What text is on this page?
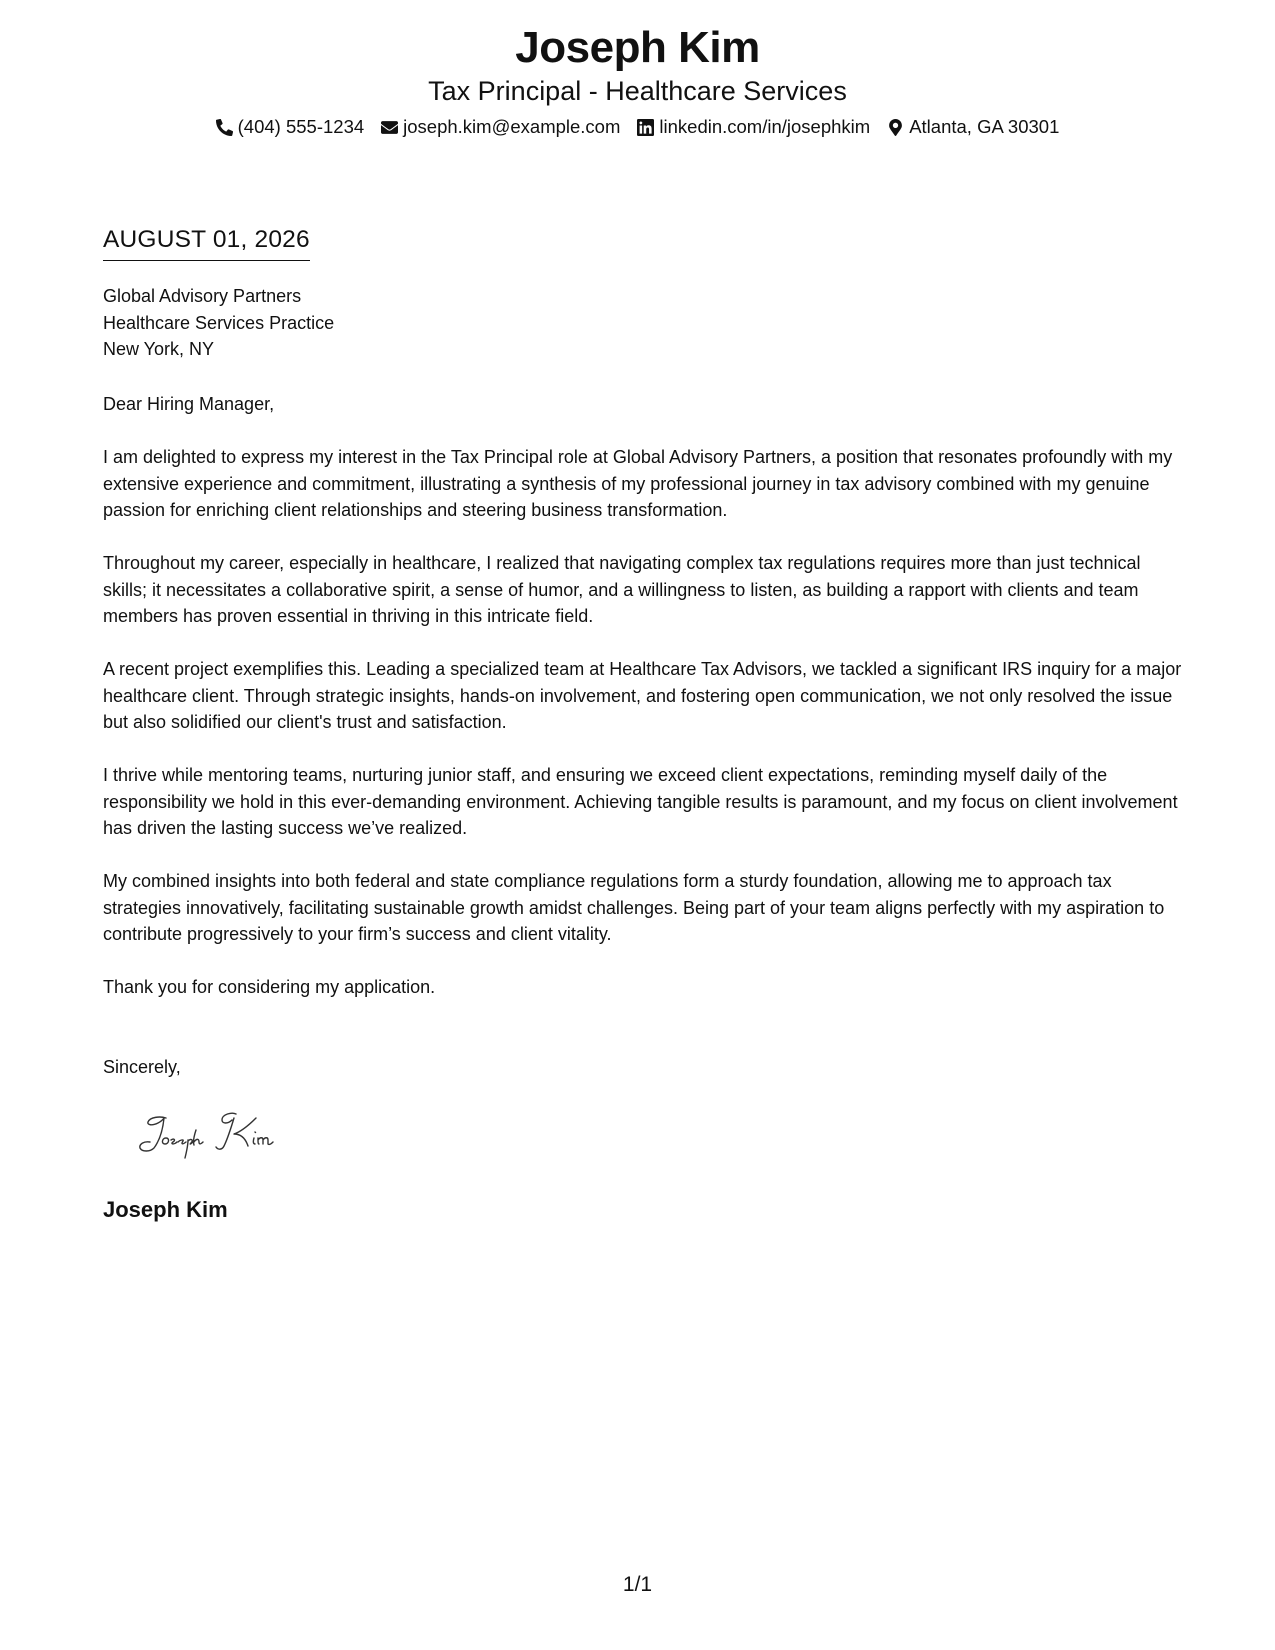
Joseph Kim
Tax Principal - Healthcare Services
(404) 555-1234 joseph.kim@example.com linkedin.com/in/josephkim Atlanta, GA 30301
AUGUST 01, 2026
Global Advisory Partners
Healthcare Services Practice
New York, NY

Dear Hiring Manager,

I am delighted to express my interest in the Tax Principal role at Global Advisory Partners, a position that resonates profoundly with my extensive experience and commitment, illustrating a synthesis of my professional journey in tax advisory combined with my genuine passion for enriching client relationships and steering business transformation.

Throughout my career, especially in healthcare, I realized that navigating complex tax regulations requires more than just technical skills; it necessitates a collaborative spirit, a sense of humor, and a willingness to listen, as building a rapport with clients and team members has proven essential in thriving in this intricate field.

A recent project exemplifies this. Leading a specialized team at Healthcare Tax Advisors, we tackled a significant IRS inquiry for a major healthcare client. Through strategic insights, hands-on involvement, and fostering open communication, we not only resolved the issue but also solidified our client's trust and satisfaction.

I thrive while mentoring teams, nurturing junior staff, and ensuring we exceed client expectations, reminding myself daily of the responsibility we hold in this ever-demanding environment. Achieving tangible results is paramount, and my focus on client involvement has driven the lasting success we’ve realized.

My combined insights into both federal and state compliance regulations form a sturdy foundation, allowing me to approach tax strategies innovatively, facilitating sustainable growth amidst challenges. Being part of your team aligns perfectly with my aspiration to contribute progressively to your firm’s success and client vitality.

Thank you for considering my application.

Sincerely,
Joseph Kim
1/1
